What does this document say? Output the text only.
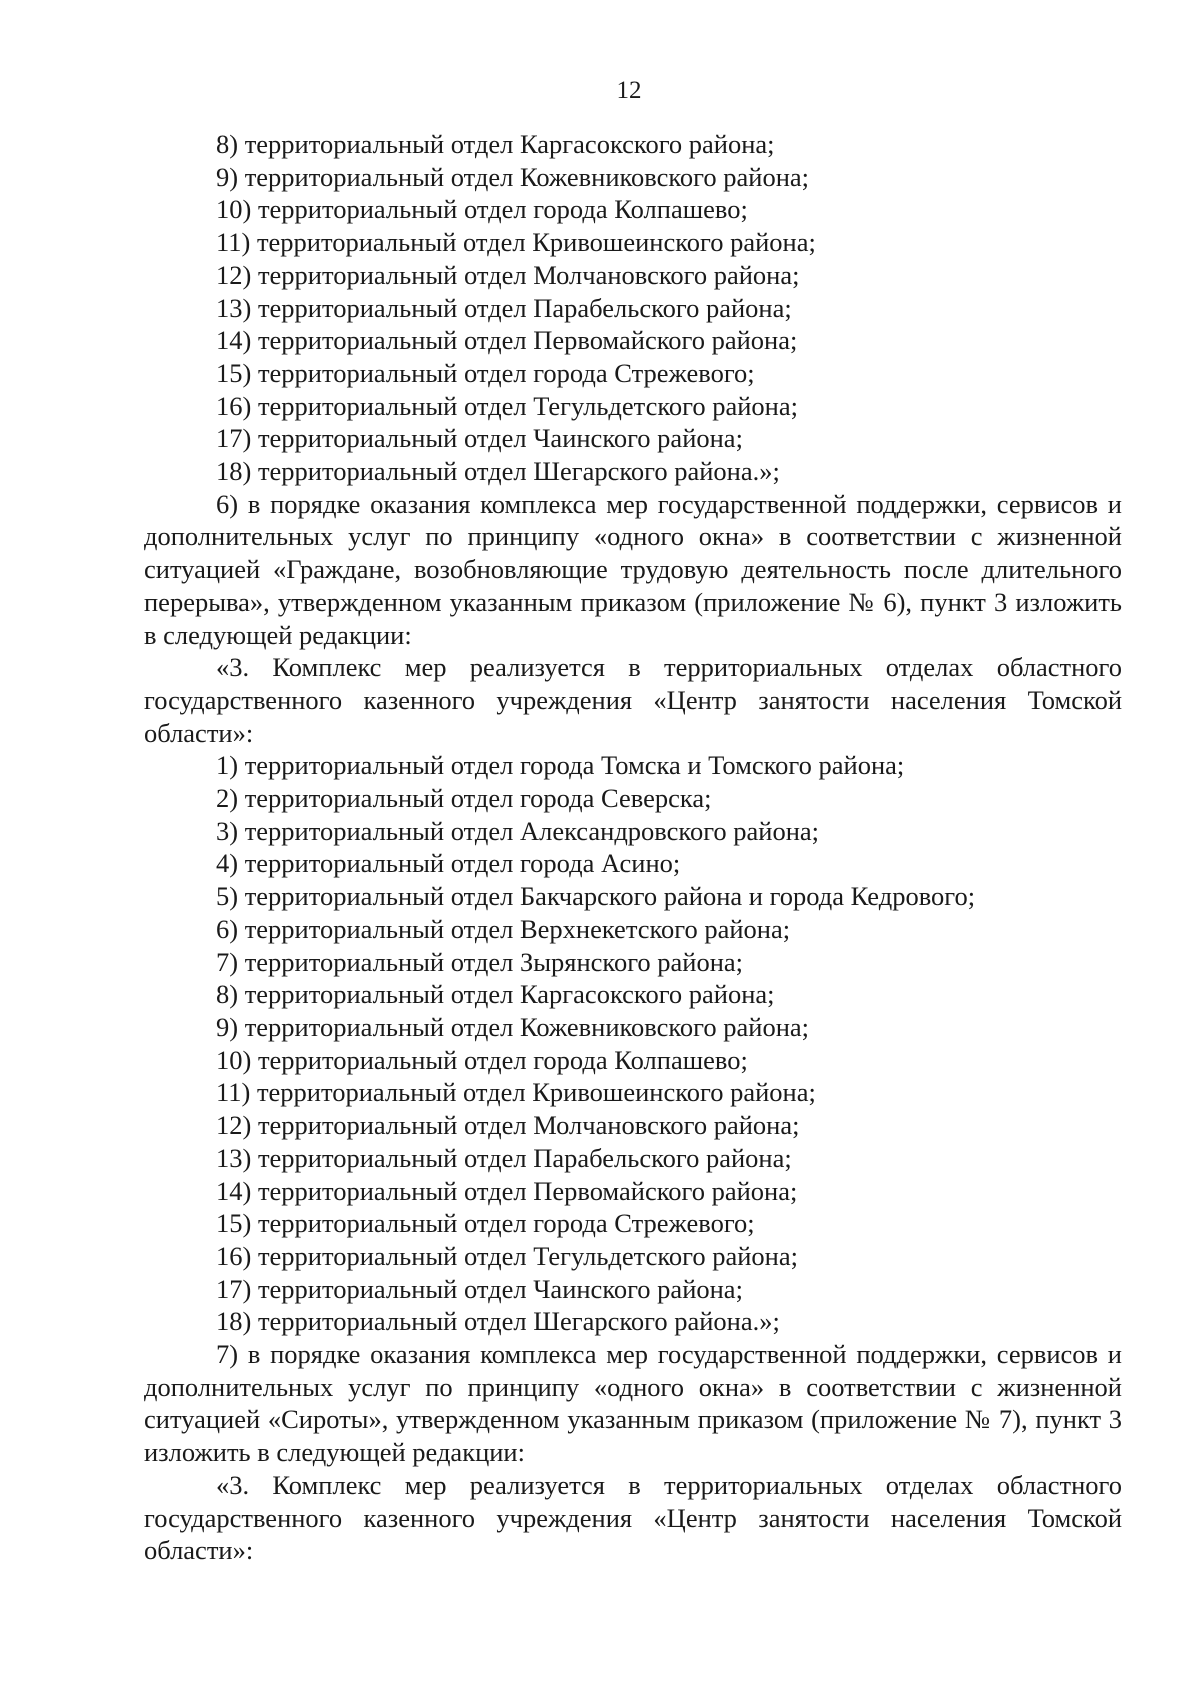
12
8) территориальный отдел Каргасокского района;
9) территориальный отдел Кожевниковского района;
10) территориальный отдел города Колпашево;
11) территориальный отдел Кривошеинского района;
12) территориальный отдел Молчановского района;
13) территориальный отдел Парабельского района;
14) территориальный отдел Первомайского района;
15) территориальный отдел города Стрежевого;
16) территориальный отдел Тегульдетского района;
17) территориальный отдел Чаинского района;
18) территориальный отдел Шегарского района.»;
6) в порядке оказания комплекса мер государственной поддержки, сервисов и дополнительных услуг по принципу «одного окна» в соответствии с жизненной ситуацией «Граждане, возобновляющие трудовую деятельность после длительного перерыва», утвержденном указанным приказом (приложение № 6), пункт 3 изложить в следующей редакции:
«3. Комплекс мер реализуется в территориальных отделах областного государственного казенного учреждения «Центр занятости населения Томской области»:
1) территориальный отдел города Томска и Томского района;
2) территориальный отдел города Северска;
3) территориальный отдел Александровского района;
4) территориальный отдел города Асино;
5) территориальный отдел Бакчарского района и города Кедрового;
6) территориальный отдел Верхнекетского района;
7) территориальный отдел Зырянского района;
8) территориальный отдел Каргасокского района;
9) территориальный отдел Кожевниковского района;
10) территориальный отдел города Колпашево;
11) территориальный отдел Кривошеинского района;
12) территориальный отдел Молчановского района;
13) территориальный отдел Парабельского района;
14) территориальный отдел Первомайского района;
15) территориальный отдел города Стрежевого;
16) территориальный отдел Тегульдетского района;
17) территориальный отдел Чаинского района;
18) территориальный отдел Шегарского района.»;
7) в порядке оказания комплекса мер государственной поддержки, сервисов и дополнительных услуг по принципу «одного окна» в соответствии с жизненной ситуацией «Сироты», утвержденном указанным приказом (приложение № 7), пункт 3 изложить в следующей редакции:
«3. Комплекс мер реализуется в территориальных отделах областного государственного казенного учреждения «Центр занятости населения Томской области»:
